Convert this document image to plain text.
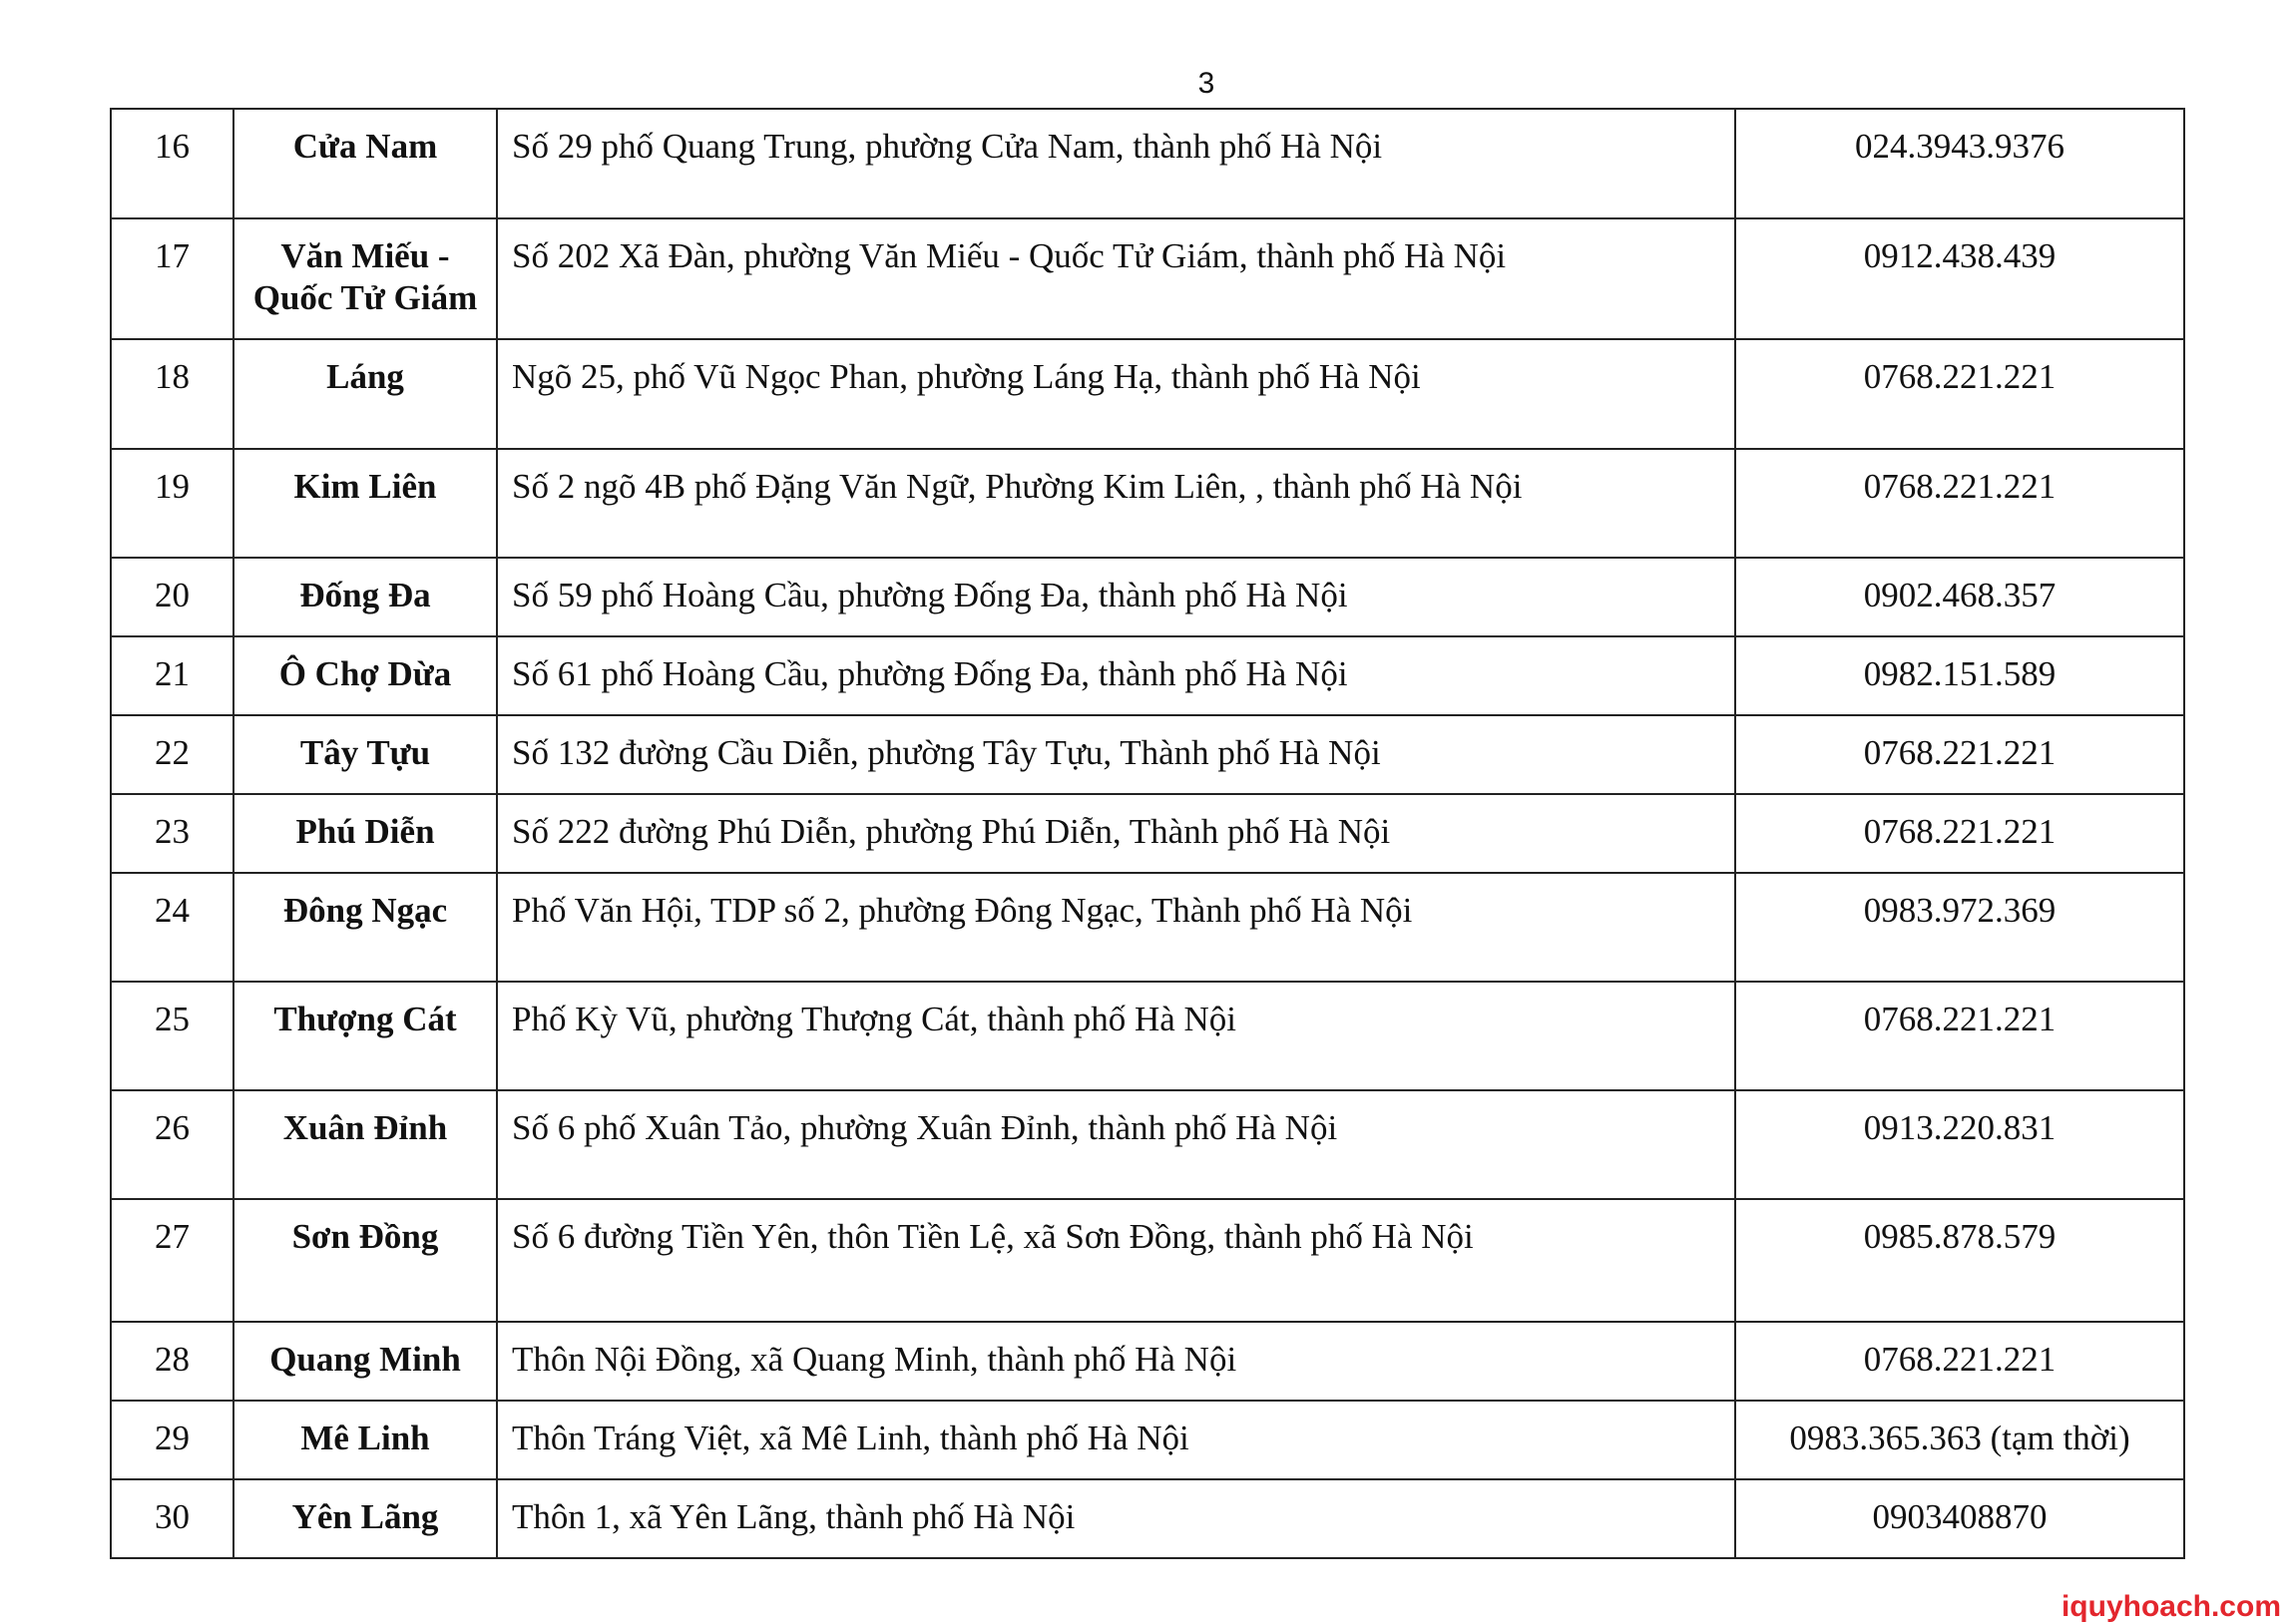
3
16	Cửa Nam	Số 29 phố Quang Trung, phường Cửa Nam, thành phố Hà Nội	024.3943.9376
17	Văn Miếu - Quốc Tử Giám	Số 202 Xã Đàn, phường Văn Miếu - Quốc Tử Giám, thành phố Hà Nội	0912.438.439
18	Láng	Ngõ 25, phố Vũ Ngọc Phan, phường Láng Hạ, thành phố Hà Nội	0768.221.221
19	Kim Liên	Số 2 ngõ 4B phố Đặng Văn Ngữ, Phường Kim Liên, , thành phố Hà Nội	0768.221.221
20	Đống Đa	Số 59 phố Hoàng Cầu, phường Đống Đa, thành phố Hà Nội	0902.468.357
21	Ô Chợ Dừa	Số 61 phố Hoàng Cầu, phường Đống Đa, thành phố Hà Nội	0982.151.589
22	Tây Tựu	Số 132 đường Cầu Diễn, phường Tây Tựu, Thành phố Hà Nội	0768.221.221
23	Phú Diễn	Số 222 đường Phú Diễn, phường Phú Diễn, Thành phố Hà Nội	0768.221.221
24	Đông Ngạc	Phố Văn Hội, TDP số 2, phường Đông Ngạc, Thành phố Hà Nội	0983.972.369
25	Thượng Cát	Phố Kỳ Vũ, phường Thượng Cát, thành phố Hà Nội	0768.221.221
26	Xuân Đỉnh	Số 6 phố Xuân Tảo, phường Xuân Đỉnh, thành phố Hà Nội	0913.220.831
27	Sơn Đồng	Số 6 đường Tiền Yên, thôn Tiền Lệ, xã Sơn Đồng, thành phố Hà Nội	0985.878.579
28	Quang Minh	Thôn Nội Đồng, xã Quang Minh, thành phố Hà Nội	0768.221.221
29	Mê Linh	Thôn Tráng Việt, xã Mê Linh, thành phố Hà Nội	0983.365.363 (tạm thời)
30	Yên Lãng	Thôn 1, xã Yên Lãng, thành phố Hà Nội	0903408870
iquyhoach.com
